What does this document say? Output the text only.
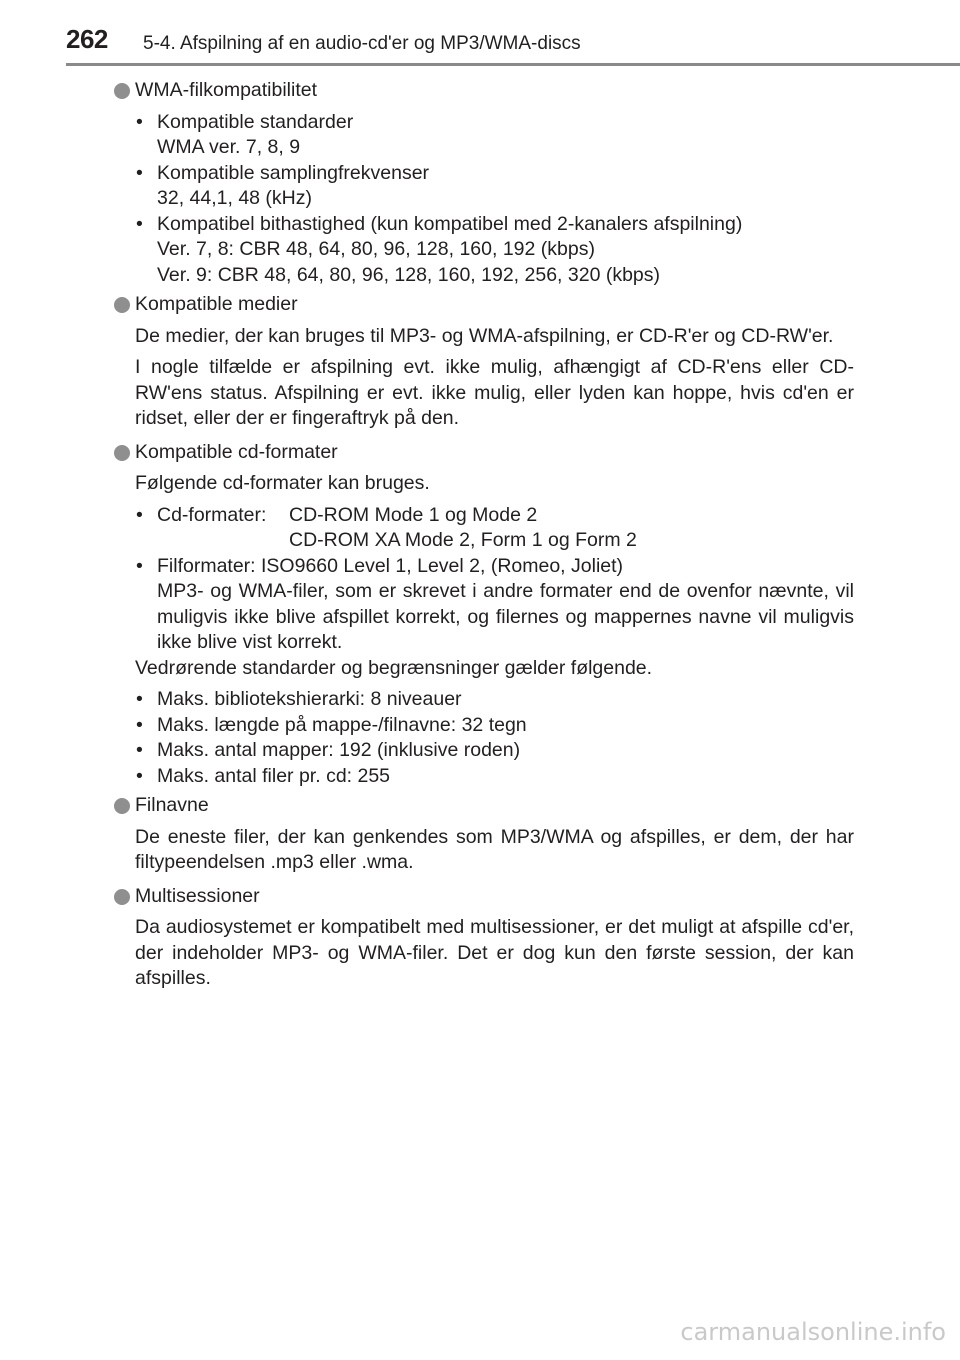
262 5-4. Afspilning af en audio-cd'er og MP3/WMA-discs
WMA-filkompatibilitet
• Kompatible standarder
WMA ver. 7, 8, 9
• Kompatible samplingfrekvenser
32, 44,1, 48 (kHz)
• Kompatibel bithastighed (kun kompatibel med 2-kanalers afspilning)
Ver. 7, 8: CBR 48, 64, 80, 96, 128, 160, 192 (kbps)
Ver. 9: CBR 48, 64, 80, 96, 128, 160, 192, 256, 320 (kbps)
Kompatible medier
De medier, der kan bruges til MP3- og WMA-afspilning, er CD-R'er og CD-RW'er.
I nogle tilfælde er afspilning evt. ikke mulig, afhængigt af CD-R'ens eller CD-RW'ens status. Afspilning er evt. ikke mulig, eller lyden kan hoppe, hvis cd'en er ridset, eller der er fingeraftryk på den.
Kompatible cd-formater
Følgende cd-formater kan bruges.
• Cd-formater:	CD-ROM Mode 1 og Mode 2
CD-ROM XA Mode 2, Form 1 og Form 2
• Filformater: ISO9660 Level 1, Level 2, (Romeo, Joliet)
MP3- og WMA-filer, som er skrevet i andre formater end de ovenfor nævnte, vil muligvis ikke blive afspillet korrekt, og filernes og mappernes navne vil muligvis ikke blive vist korrekt.
Vedrørende standarder og begrænsninger gælder følgende.
• Maks. bibliotekshierarki: 8 niveauer
• Maks. længde på mappe-/filnavne: 32 tegn
• Maks. antal mapper: 192 (inklusive roden)
• Maks. antal filer pr. cd: 255
Filnavne
De eneste filer, der kan genkendes som MP3/WMA og afspilles, er dem, der har filtypeendelsen .mp3 eller .wma.
Multisessioner
Da audiosystemet er kompatibelt med multisessioner, er det muligt at afspille cd'er, der indeholder MP3- og WMA-filer. Det er dog kun den første session, der kan afspilles.
carmanualsonline.info
